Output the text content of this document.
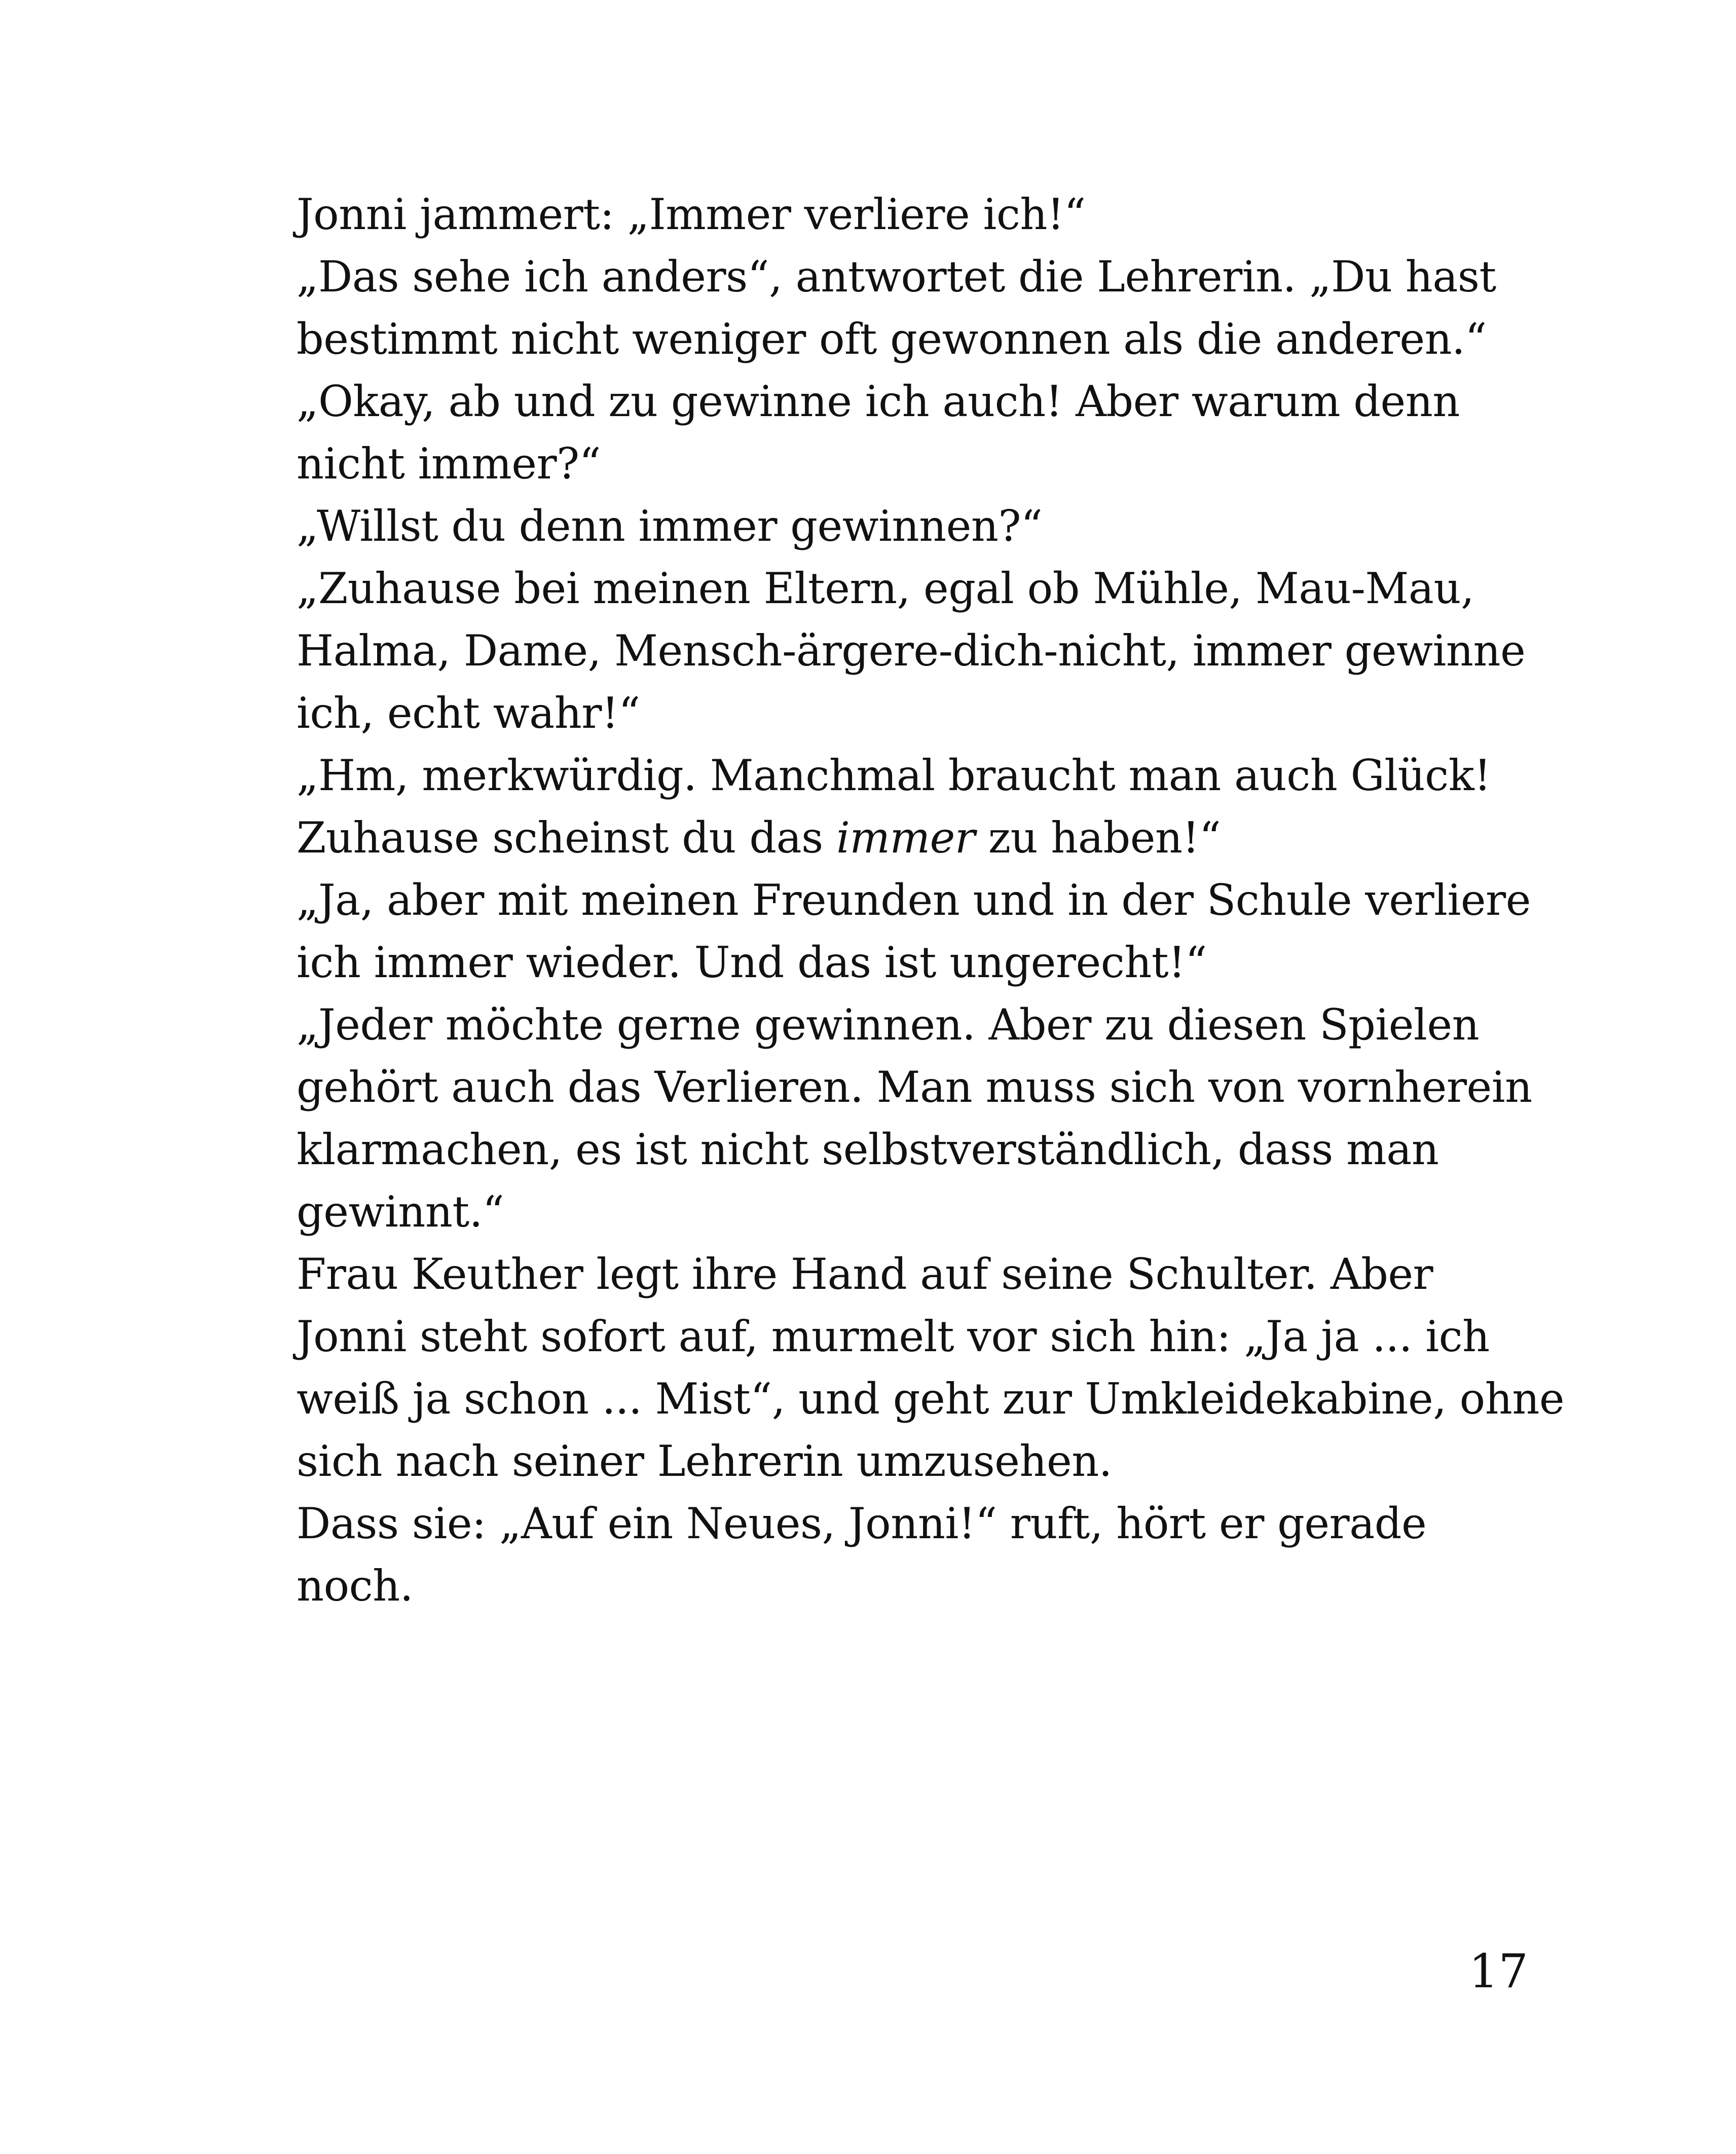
Jonni jammert: „Immer verliere ich!“

„Das sehe ich anders“, antwortet die Lehrerin. „Du hast
bestimmt nicht weniger oft gewonnen als die anderen.“

„Okay, ab und zu gewinne ich auch! Aber warum denn
nicht immer?“

„Willst du denn immer gewinnen?“

„Zuhause bei meinen Eltern, egal ob Mühle, Mau-Mau,
Halma, Dame, Mensch-ärgere-dich-nicht, immer gewinne
ich, echt wahr!“

„Hm, merkwürdig. Manchmal braucht man auch Glück!
Zuhause scheinst du das immer zu haben!“

„Ja, aber mit meinen Freunden und in der Schule verliere
ich immer wieder. Und das ist ungerecht!“

„Jeder möchte gerne gewinnen. Aber zu diesen Spielen
gehört auch das Verlieren. Man muss sich von vornherein
klarmachen, es ist nicht selbstverständlich, dass man
gewinnt.“

Frau Keuther legt ihre Hand auf seine Schulter. Aber
Jonni steht sofort auf, murmelt vor sich hin: „Ja ja ... ich
weiß ja schon ... Mist“, und geht zur Umkleidekabine, ohne
sich nach seiner Lehrerin umzusehen.

Dass sie: „Auf ein Neues, Jonni!“ ruft, hört er gerade
noch.

17
